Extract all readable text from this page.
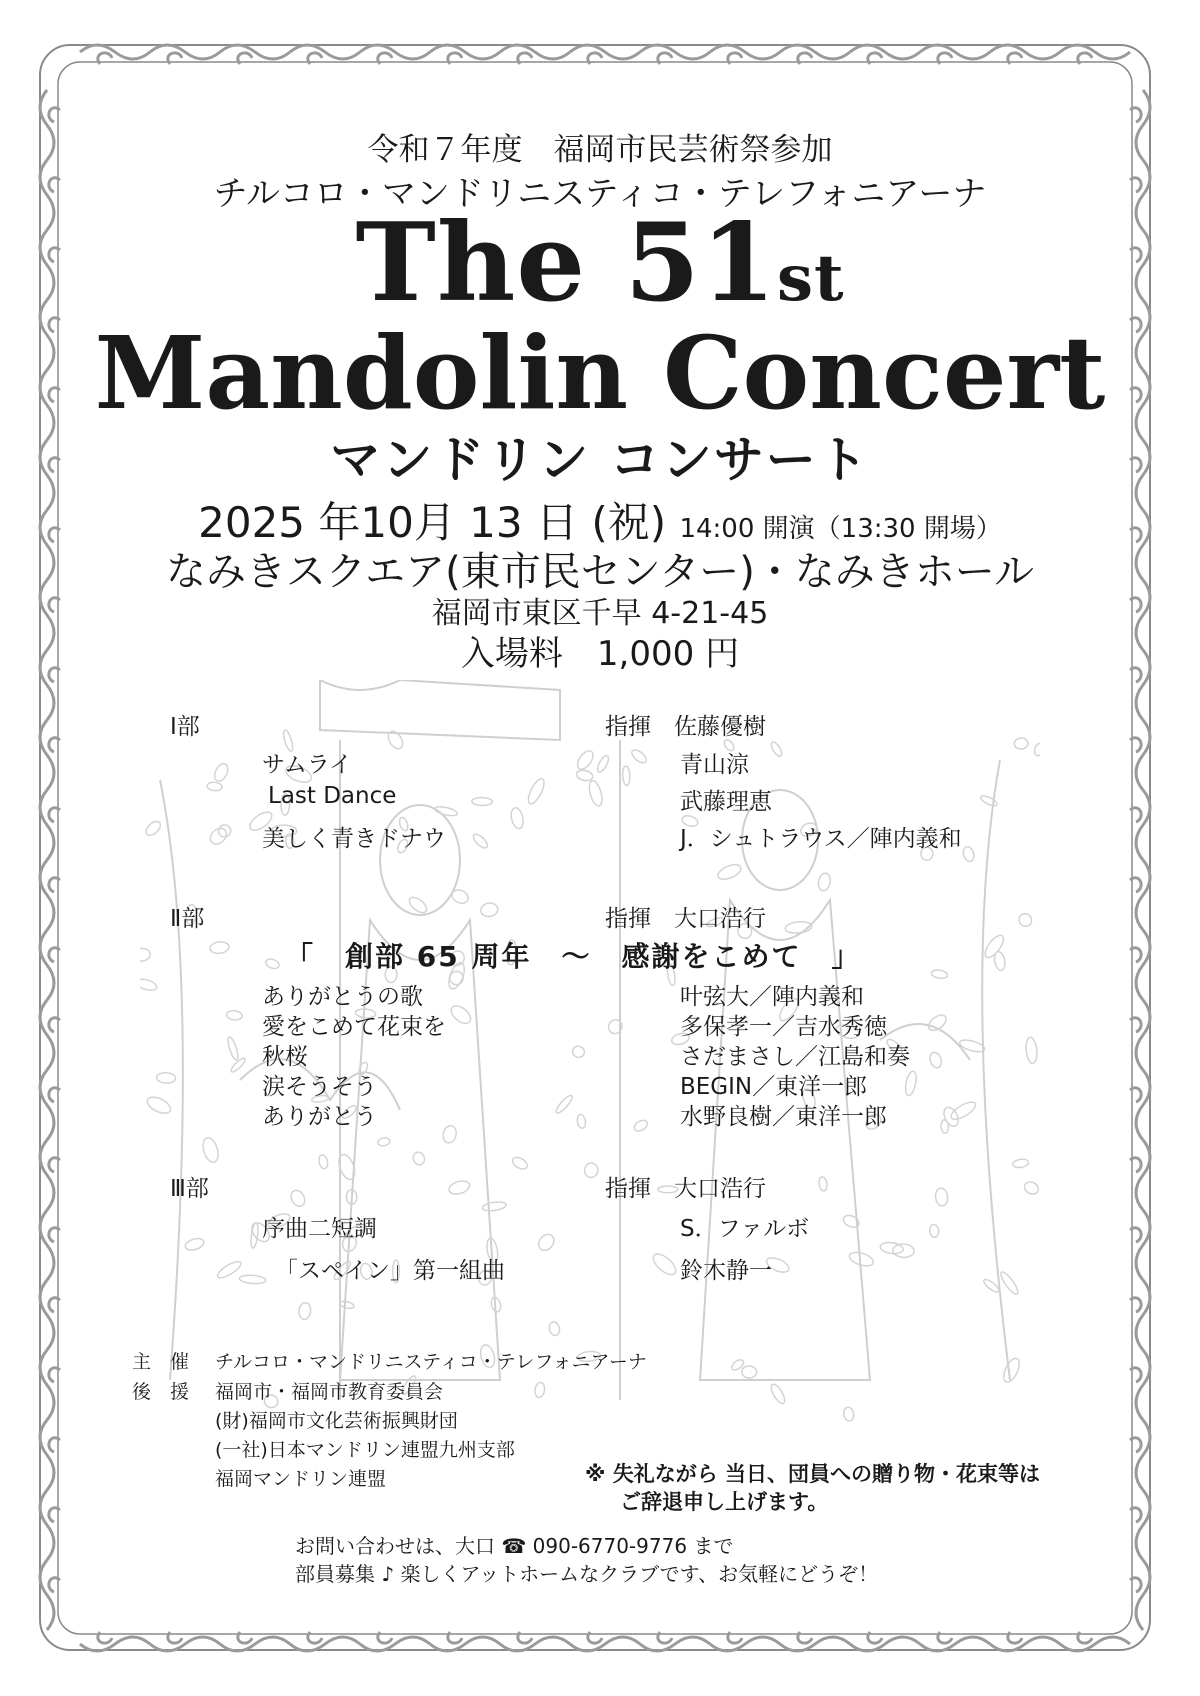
令和７年度　福岡市民芸術祭参加
チルコロ・マンドリニスティコ・テレフォニアーナ
The 51st
Mandolin Concert
マンドリン コンサート
2025 年10月 13 日 (祝) 14:00 開演（13:30 開場）
なみきスクエア(東市民センター)・なみきホール
福岡市東区千早 4-21-45
入場料　1,000 円
Ⅰ部	指揮　佐藤優樹
サムライ	青山涼
Last Dance	武藤理恵
美しく青きドナウ	J．シュトラウス／陣内義和
Ⅱ部	指揮　大口浩行
「　創部 65 周年　～　感謝をこめて　」
ありがとうの歌	叶弦大／陣内義和
愛をこめて花束を	多保孝一／吉水秀徳
秋桜	さだまさし／江島和奏
涙そうそう	BEGIN／東洋一郎
ありがとう	水野良樹／東洋一郎
Ⅲ部	指揮　大口浩行
序曲二短調	S．ファルボ
「スペイン」第一組曲	鈴木静一
主　催 チルコロ・マンドリニスティコ・テレフォニアーナ
後　援 福岡市・福岡市教育委員会
(財)福岡市文化芸術振興財団
(一社)日本マンドリン連盟九州支部
福岡マンドリン連盟	※ 失礼ながら 当日、団員への贈り物・花束等は
ご辞退申し上げます。
お問い合わせは、大口 ☎ 090-6770-9776 まで
部員募集 ♪ 楽しくアットホームなクラブです、お気軽にどうぞ！
